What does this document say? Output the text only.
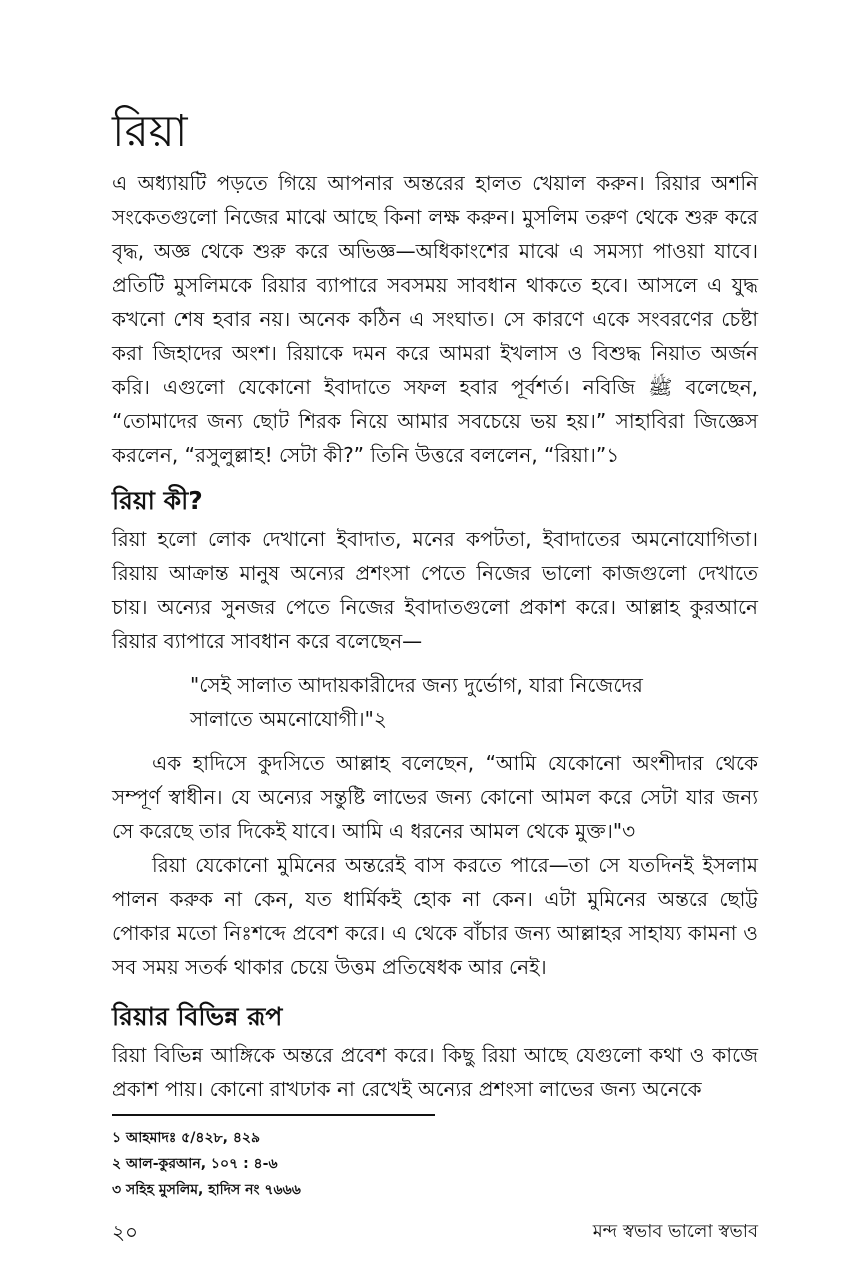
রিয়া

এ অধ্যায়টি পড়তে গিয়ে আপনার অন্তরের হালত খেয়াল করুন। রিয়ার অশনি সংকেতগুলো নিজের মাঝে আছে কিনা লক্ষ করুন। মুসলিম তরুণ থেকে শুরু করে বৃদ্ধ, অজ্ঞ থেকে শুরু করে অভিজ্ঞ—অধিকাংশের মাঝে এ সমস্যা পাওয়া যাবে। প্রতিটি মুসলিমকে রিয়ার ব্যাপারে সবসময় সাবধান থাকতে হবে। আসলে এ যুদ্ধ কখনো শেষ হবার নয়। অনেক কঠিন এ সংঘাত। সে কারণে একে সংবরণের চেষ্টা করা জিহাদের অংশ। রিয়াকে দমন করে আমরা ইখলাস ও বিশুদ্ধ নিয়াত অর্জন করি। এগুলো যেকোনো ইবাদাতে সফল হবার পূর্বশর্ত। নবিজি ﷺ বলেছেন, “তোমাদের জন্য ছোট শিরক নিয়ে আমার সবচেয়ে ভয় হয়।” সাহাবিরা জিজ্ঞেস করলেন, “রসুলুল্লাহ! সেটা কী?” তিনি উত্তরে বললেন, “রিয়া।”১

রিয়া কী?

রিয়া হলো লোক দেখানো ইবাদাত, মনের কপটতা, ইবাদাতের অমনোযোগিতা। রিয়ায় আক্রান্ত মানুষ অন্যের প্রশংসা পেতে নিজের ভালো কাজগুলো দেখাতে চায়। অন্যের সুনজর পেতে নিজের ইবাদাতগুলো প্রকাশ করে। আল্লাহ কুরআনে রিয়ার ব্যাপারে সাবধান করে বলেছেন—

"সেই সালাত আদায়কারীদের জন্য দুর্ভোগ, যারা নিজেদের

সালাতে অমনোযোগী।"২

এক হাদিসে কুদসিতে আল্লাহ বলেছেন, “আমি যেকোনো অংশীদার থেকে সম্পূর্ণ স্বাধীন। যে অন্যের সন্তুষ্টি লাভের জন্য কোনো আমল করে সেটা যার জন্য সে করেছে তার দিকেই যাবে। আমি এ ধরনের আমল থেকে মুক্ত।"৩

রিয়া যেকোনো মুমিনের অন্তরেই বাস করতে পারে—তা সে যতদিনই ইসলাম পালন করুক না কেন, যত ধার্মিকই হোক না কেন। এটা মুমিনের অন্তরে ছোট্ট পোকার মতো নিঃশব্দে প্রবেশ করে। এ থেকে বাঁচার জন্য আল্লাহর সাহায্য কামনা ও সব সময় সতর্ক থাকার চেয়ে উত্তম প্রতিষেধক আর নেই।

রিয়ার বিভিন্ন রূপ

রিয়া বিভিন্ন আঙ্গিকে অন্তরে প্রবেশ করে। কিছু রিয়া আছে যেগুলো কথা ও কাজে প্রকাশ পায়। কোনো রাখঢাক না রেখেই অন্যের প্রশংসা লাভের জন্য অনেকে

১ আহমাদঃ ৫/৪২৮, ৪২৯

২ আল-কুরআন, ১০৭ : ৪-৬

৩ সহিহ মুসলিম, হাদিস নং ৭৬৬৬

২০	মন্দ স্বভাব ভালো স্বভাব
